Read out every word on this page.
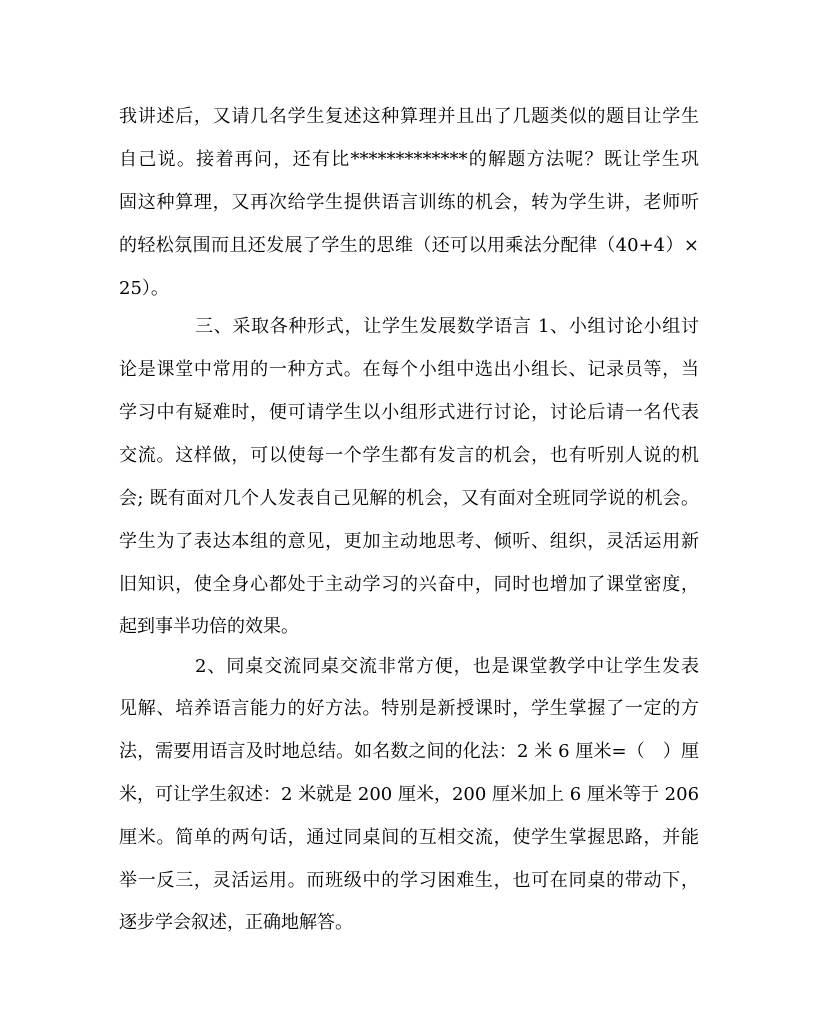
我讲述后，又请几名学生复述这种算理并且出了几题类似的题目让学生
自己说。接着再问，还有比*************的解题方法呢？既让学生巩
固这种算理，又再次给学生提供语言训练的机会，转为学生讲，老师听
的轻松氛围而且还发展了学生的思维（还可以用乘法分配律（40+4）×
25）。
三、采取各种形式，让学生发展数学语言 1、小组讨论小组讨
论是课堂中常用的一种方式。在每个小组中选出小组长、记录员等，当
学习中有疑难时，便可请学生以小组形式进行讨论，讨论后请一名代表
交流。这样做，可以使每一个学生都有发言的机会，也有听别人说的机
会; 既有面对几个人发表自己见解的机会，又有面对全班同学说的机会。
学生为了表达本组的意见，更加主动地思考、倾听、组织，灵活运用新
旧知识，使全身心都处于主动学习的兴奋中，同时也增加了课堂密度，
起到事半功倍的效果。
2、同桌交流同桌交流非常方便，也是课堂教学中让学生发表
见解、培养语言能力的好方法。特别是新授课时，学生掌握了一定的方
法，需要用语言及时地总结。如名数之间的化法：2 米 6 厘米=（　）厘
米，可让学生叙述：2 米就是 200 厘米，200 厘米加上 6 厘米等于 206
厘米。简单的两句话，通过同桌间的互相交流，使学生掌握思路，并能
举一反三，灵活运用。而班级中的学习困难生，也可在同桌的带动下，
逐步学会叙述，正确地解答。
